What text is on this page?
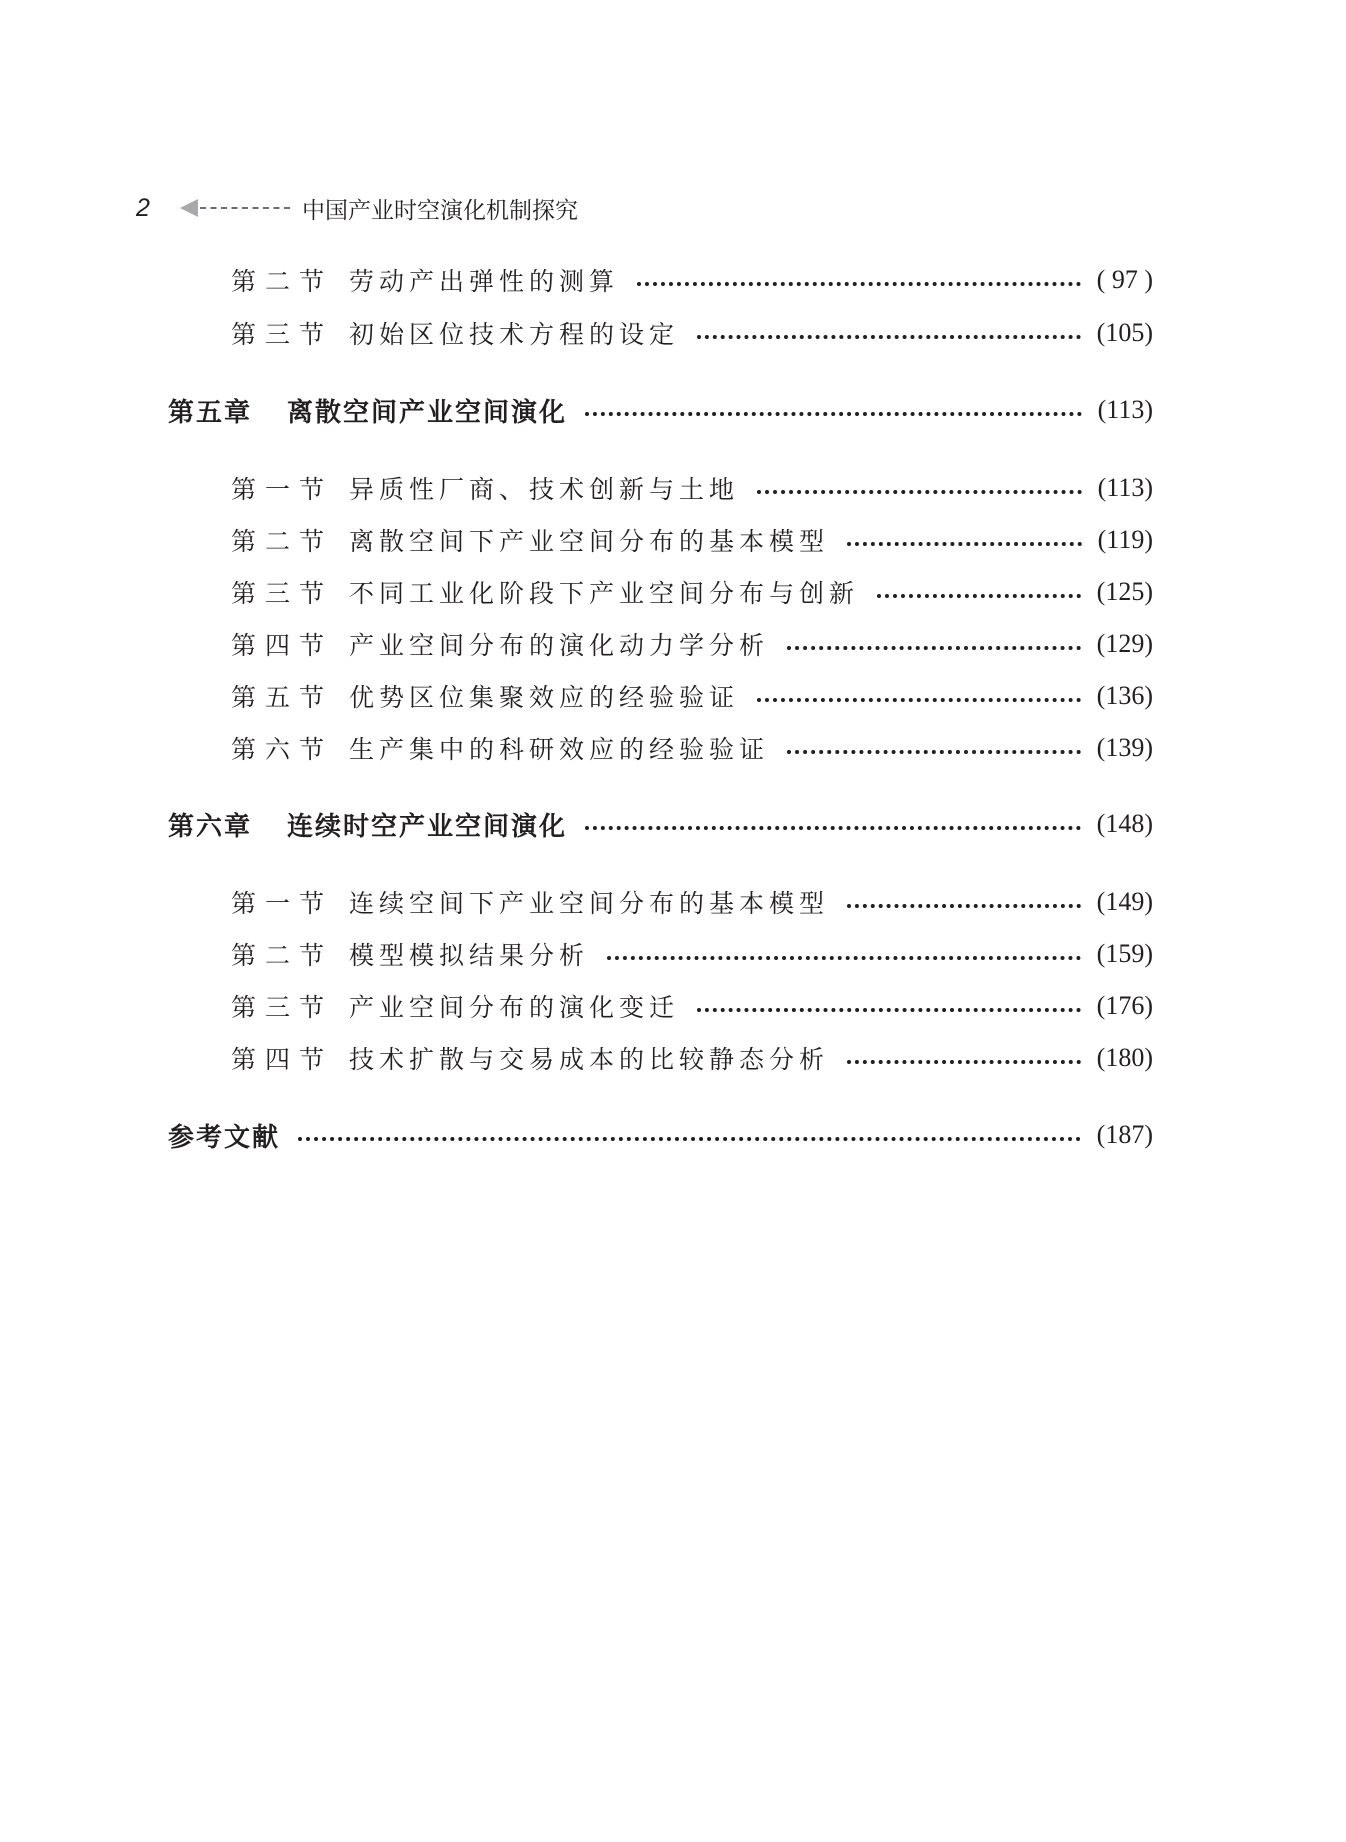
2	中国产业时空演化机制探究
第二节 劳动产出弹性的测算	( 97 )
第三节 初始区位技术方程的设定	(105)
第五章	离散空间产业空间演化	(113)
第一节 异质性厂商、技术创新与土地	(113)
第二节 离散空间下产业空间分布的基本模型	(119)
第三节 不同工业化阶段下产业空间分布与创新	(125)
第四节 产业空间分布的演化动力学分析	(129)
第五节 优势区位集聚效应的经验验证	(136)
第六节 生产集中的科研效应的经验验证	(139)
第六章	连续时空产业空间演化	(148)
第一节 连续空间下产业空间分布的基本模型	(149)
第二节 模型模拟结果分析	(159)
第三节 产业空间分布的演化变迁	(176)
第四节 技术扩散与交易成本的比较静态分析	(180)
参考文献	(187)
